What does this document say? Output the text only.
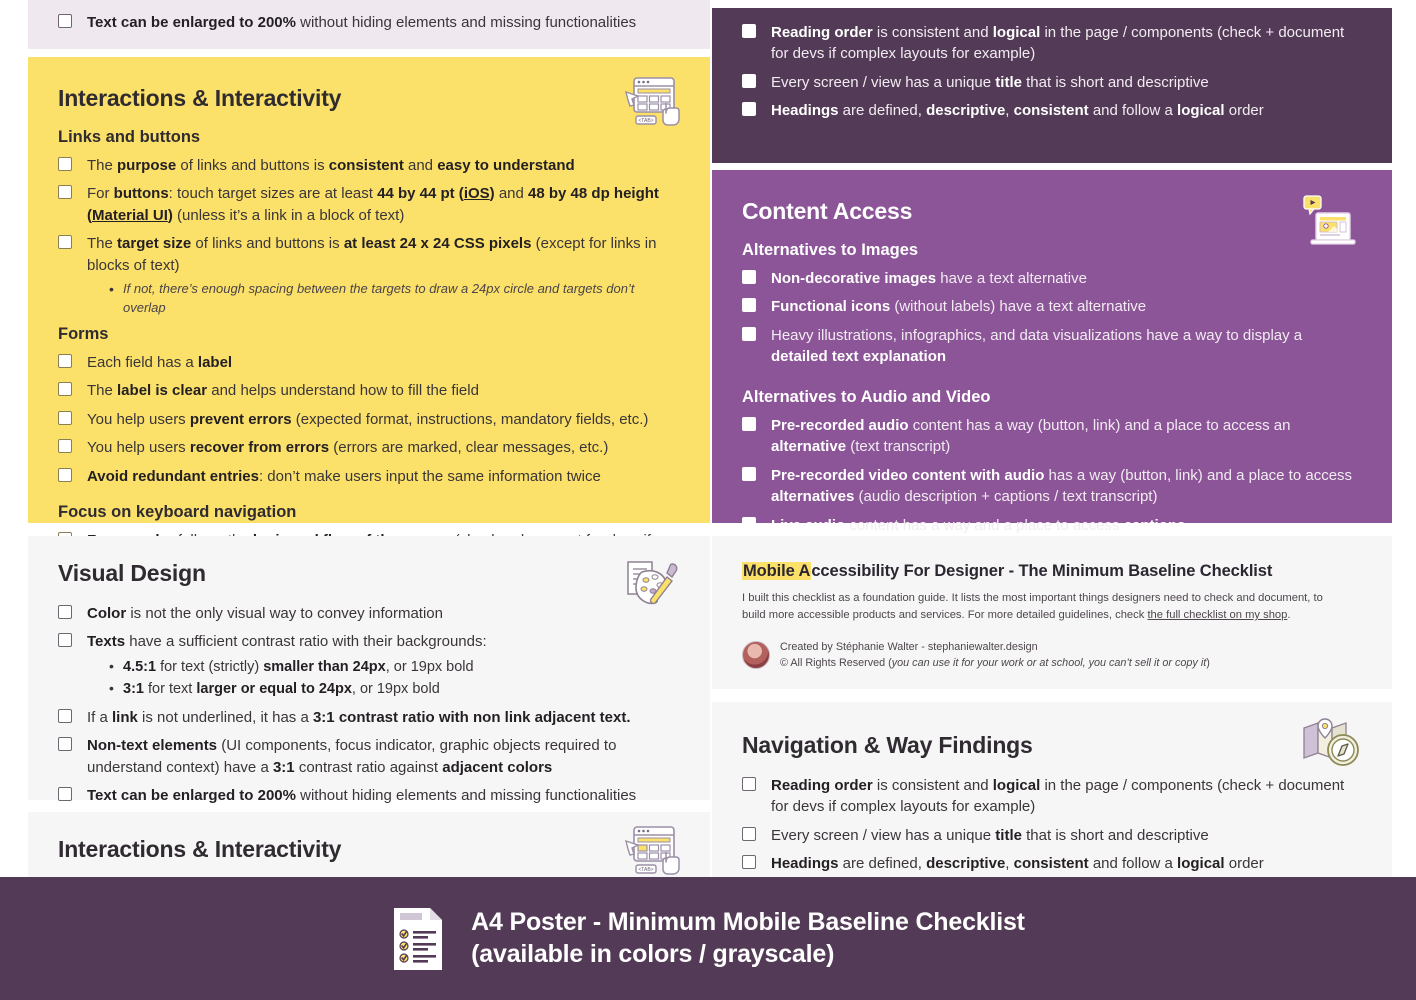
Text can be enlarged to 200% without hiding elements and missing functionalities
<TAB>
Interactions & Interactivity
Links and buttons
The purpose of links and buttons is consistent and easy to understand
For buttons: touch target sizes are at least 44 by 44 pt (iOS) and 48 by 48 dp height (Material UI) (unless it’s a link in a block of text)
The target size of links and buttons is at least 24 x 24 CSS pixels (except for links in blocks of text)
• If not, there’s enough spacing between the targets to draw a 24px circle and targets don’t overlap
Forms
Each field has a label
The label is clear and helps understand how to fill the field
You help users prevent errors (expected format, instructions, mandatory fields, etc.)
You help users recover from errors (errors are marked, clear messages, etc.)
Avoid redundant entries: don’t make users input the same information twice
Focus on keyboard navigation
Visual Design
Color is not the only visual way to convey information
Texts have a sufficient contrast ratio with their backgrounds:
• 4.5:1 for text (strictly) smaller than 24px, or 19px bold
• 3:1 for text larger or equal to 24px, or 19px bold
If a link is not underlined, it has a 3:1 contrast ratio with non link adjacent text.
Non-text elements (UI components, focus indicator, graphic objects required to understand context) have a 3:1 contrast ratio against adjacent colors
Text can be enlarged to 200% without hiding elements and missing functionalities
<TAB>
Interactions & Interactivity
Reading order is consistent and logical in the page / components (check + document for devs if complex layouts for example)
Every screen / view has a unique title that is short and descriptive
Headings are defined, descriptive, consistent and follow a logical order
Content Access
Alternatives to Images
Non-decorative images have a text alternative
Functional icons (without labels) have a text alternative
Heavy illustrations, infographics, and data visualizations have a way to display a detailed text explanation
Alternatives to Audio and Video
Pre-recorded audio content has a way (button, link) and a place to access an alternative (text transcript)
Pre-recorded video content with audio has a way (button, link) and a place to access alternatives (audio description + captions / text transcript)
Live audio content has a way and a place to access captions
Mobile Accessibility For Designer - The Minimum Baseline Checklist
I built this checklist as a foundation guide. It lists the most important things designers need to check and document, to build more accessible products and services. For more detailed guidelines, check the full checklist on my shop.
Created by Stéphanie Walter - stephaniewalter.design
© All Rights Reserved (you can use it for your work or at school, you can’t sell it or copy it)
Navigation & Way Findings
Reading order is consistent and logical in the page / components (check + document for devs if complex layouts for example)
Every screen / view has a unique title that is short and descriptive
Headings are defined, descriptive, consistent and follow a logical order
A4 Poster - Minimum Mobile Baseline Checklist
(available in colors / grayscale)
